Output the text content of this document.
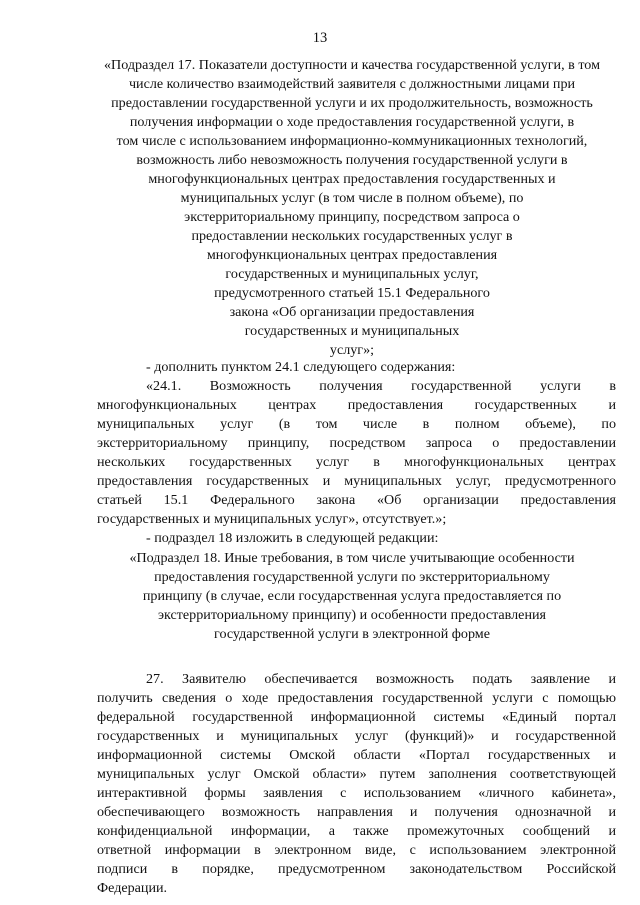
13

«Подраздел 17. Показатели доступности и качества государственной услуги, в том

числе количество взаимодействий заявителя с должностными лицами при

предоставлении государственной услуги и их продолжительность, возможность

получения информации о ходе предоставления государственной услуги, в

том числе с использованием информационно-коммуникационных технологий,

возможность либо невозможность получения государственной услуги в

многофункциональных центрах предоставления государственных и

муниципальных услуг (в том числе в полном объеме), по

экстерриториальному принципу, посредством запроса о

предоставлении нескольких государственных услуг в

многофункциональных центрах предоставления

государственных и муниципальных услуг,

предусмотренного статьей 15.1 Федерального

закона «Об организации предоставления

государственных и муниципальных

услуг»;

- дополнить пунктом 24.1 следующего содержания:

«24.1. Возможность получения государственной услуги в

многофункциональных центрах предоставления государственных и

муниципальных услуг (в том числе в полном объеме), по

экстерриториальному принципу, посредством запроса о предоставлении

нескольких государственных услуг в многофункциональных центрах

предоставления государственных и муниципальных услуг, предусмотренного

статьей 15.1 Федерального закона «Об организации предоставления

государственных и муниципальных услуг», отсутствует.»;

- подраздел 18 изложить в следующей редакции:

«Подраздел 18. Иные требования, в том числе учитывающие особенности

предоставления государственной услуги по экстерриториальному

принципу (в случае, если государственная услуга предоставляется по

экстерриториальному принципу) и особенности предоставления

государственной услуги в электронной форме

27. Заявителю обеспечивается возможность подать заявление и

получить сведения о ходе предоставления государственной услуги с помощью

федеральной государственной информационной системы «Единый портал

государственных и муниципальных услуг (функций)» и государственной

информационной системы Омской области «Портал государственных и

муниципальных услуг Омской области» путем заполнения соответствующей

интерактивной формы заявления с использованием «личного кабинета»,

обеспечивающего возможность направления и получения однозначной и

конфиденциальной информации, а также промежуточных сообщений и

ответной информации в электронном виде, с использованием электронной

подписи в порядке, предусмотренном законодательством Российской

Федерации.
